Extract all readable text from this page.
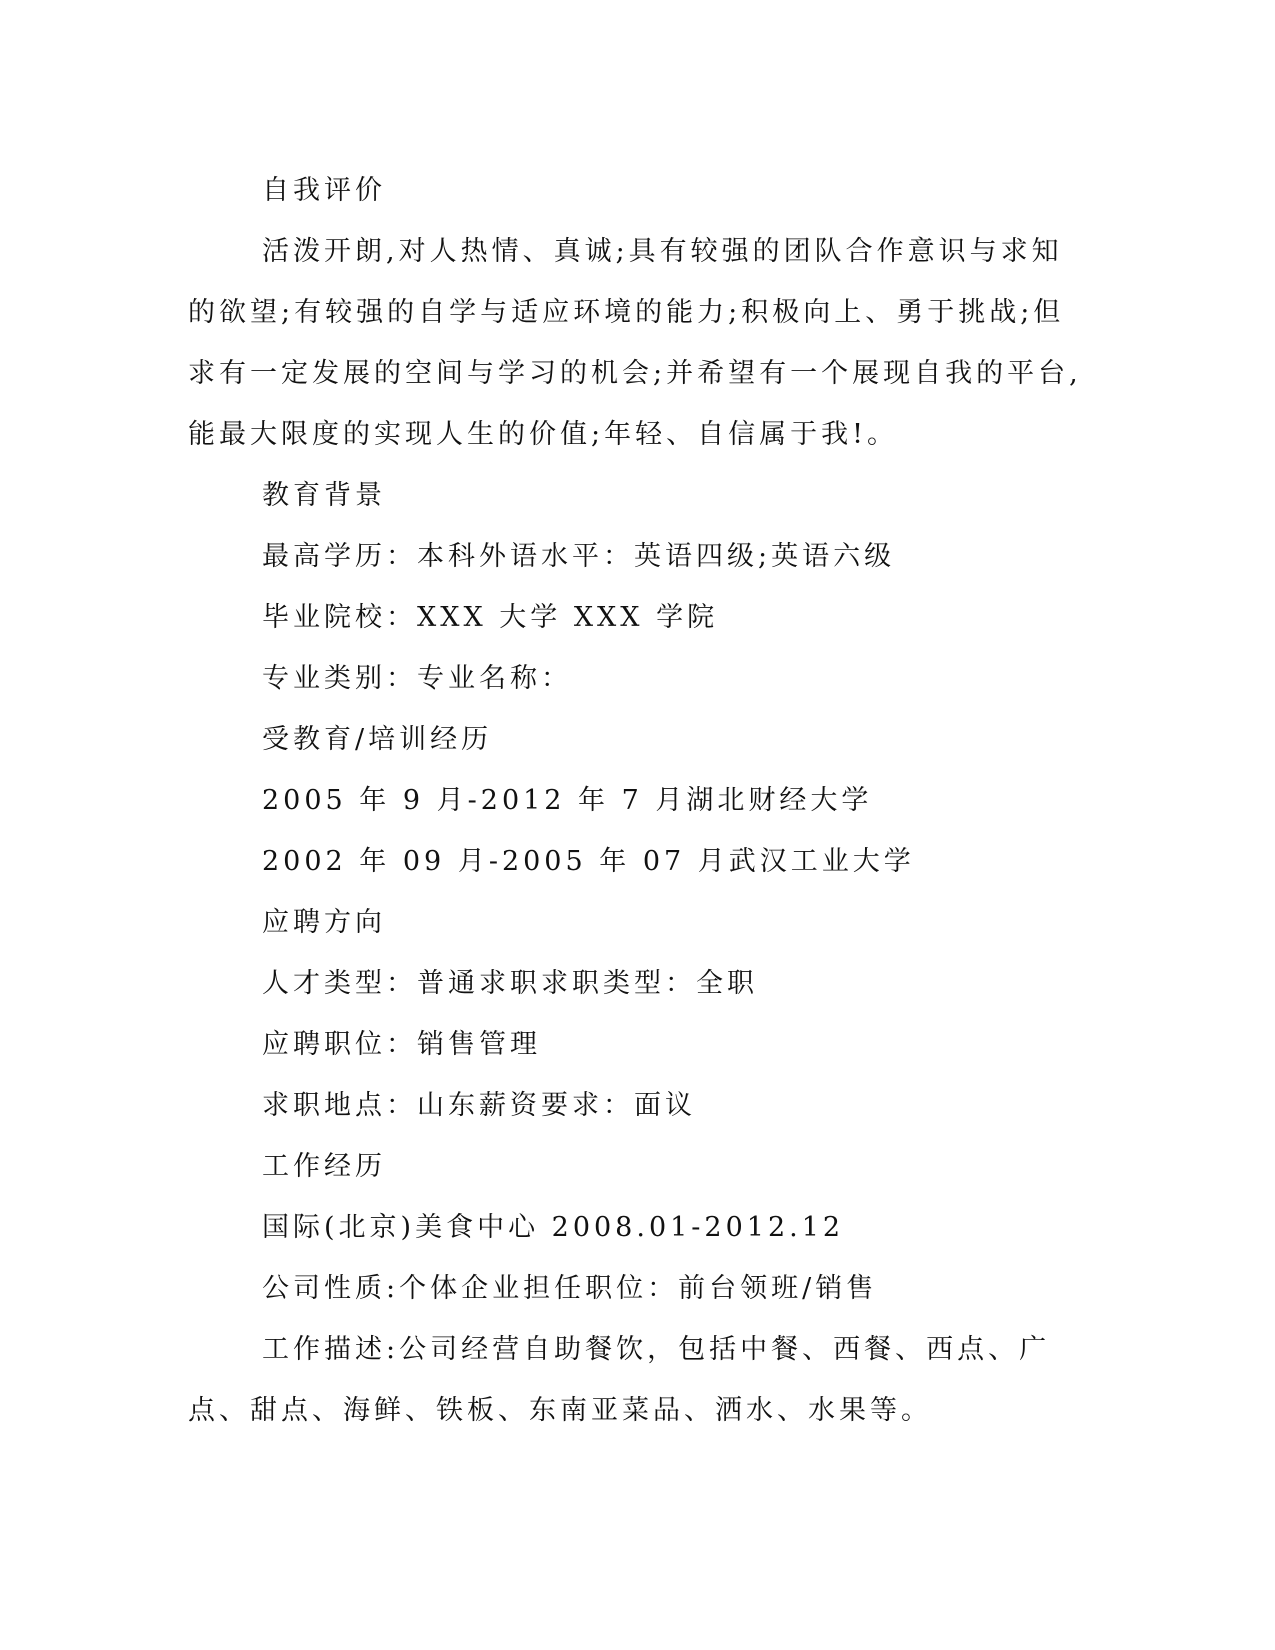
自我评价

活泼开朗,对人热情、真诚;具有较强的团队合作意识与求知的欲望;有较强的自学与适应环境的能力;积极向上、勇于挑战;但求有一定发展的空间与学习的机会;并希望有一个展现自我的平台,能最大限度的实现人生的价值;年轻、自信属于我!。

教育背景

最高学历：本科外语水平：英语四级;英语六级

毕业院校：XXX 大学 XXX 学院

专业类别：专业名称：

受教育/培训经历

2005 年 9 月-2012 年 7 月湖北财经大学

2002 年 09 月-2005 年 07 月武汉工业大学

应聘方向

人才类型：普通求职求职类型：全职

应聘职位：销售管理

求职地点：山东薪资要求：面议

工作经历

国际(北京)美食中心 2008.01-2012.12

公司性质:个体企业担任职位：前台领班/销售

工作描述:公司经营自助餐饮，包括中餐、西餐、西点、广点、甜点、海鲜、铁板、东南亚菜品、洒水、水果等。
